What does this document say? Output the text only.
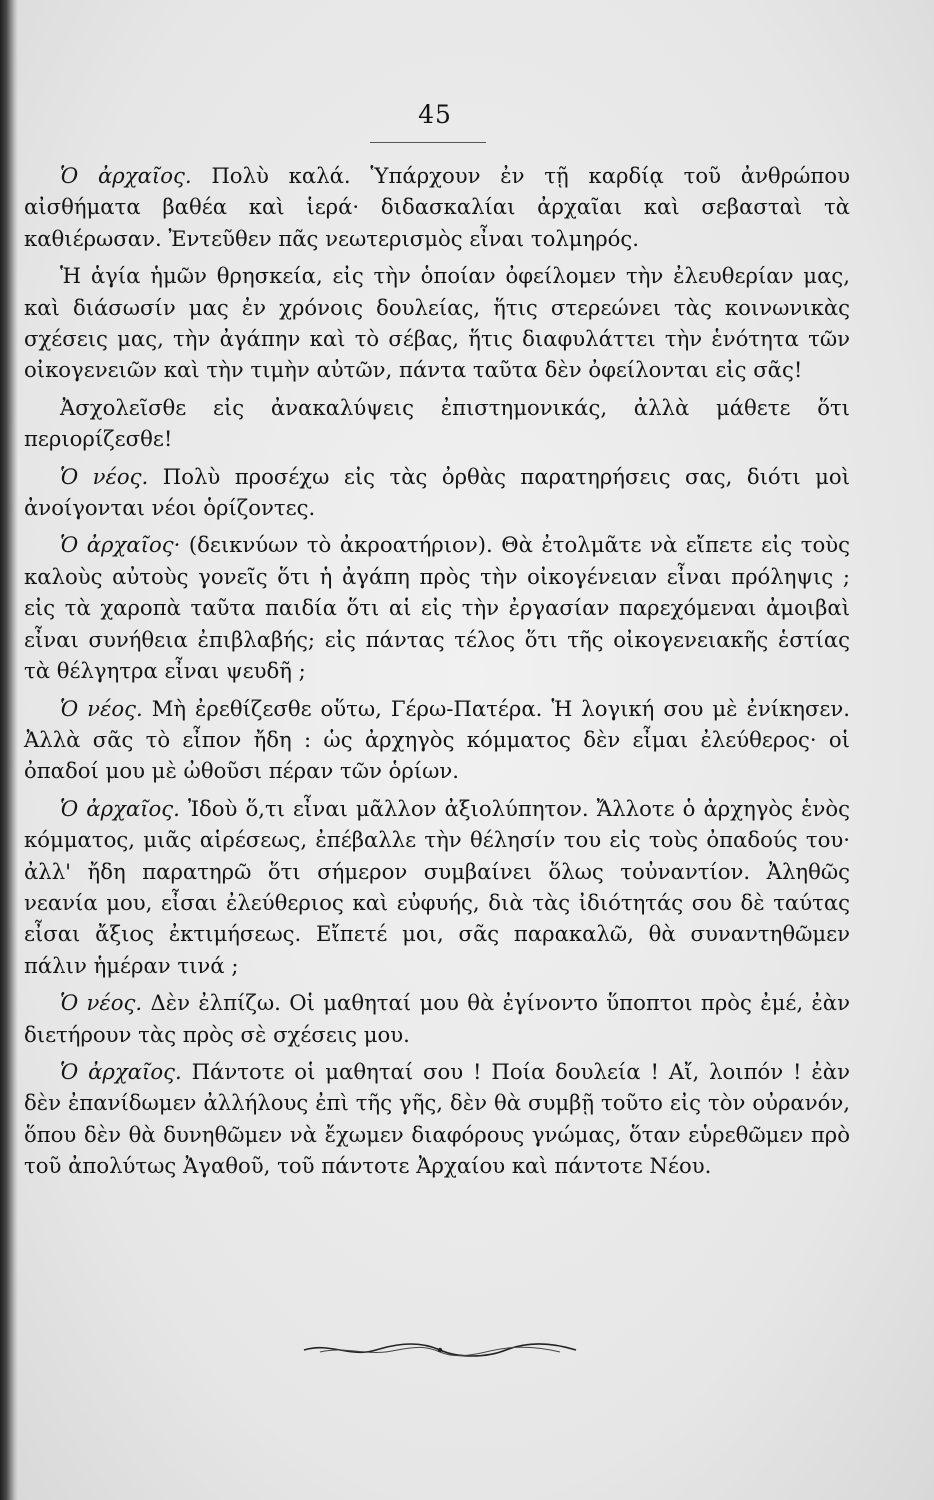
45

Ὁ ἀρχαῖος. Πολὺ καλά. Ὑπάρχουν ἐν τῇ καρδίᾳ τοῦ ἀνθρώπου αἰσθήματα βαθέα καὶ ἱερά· διδασκαλίαι ἀρχαῖαι καὶ σεβασταὶ τὰ καθιέρωσαν. Ἐντεῦθεν πᾶς νεωτερισμὸς εἶναι τολμηρός.

Ἡ ἁγία ἡμῶν θρησκεία, εἰς τὴν ὁποίαν ὀφείλομεν τὴν ἐλευθερίαν μας, καὶ διάσωσίν μας ἐν χρόνοις δουλείας, ἥτις στερεώνει τὰς κοινωνικὰς σχέσεις μας, τὴν ἀγάπην καὶ τὸ σέβας, ἥτις διαφυλάττει τὴν ἑνότητα τῶν οἰκογενειῶν καὶ τὴν τιμὴν αὐτῶν, πάντα ταῦτα δὲν ὀφείλονται εἰς σᾶς!

Ἀσχολεῖσθε εἰς ἀνακαλύψεις ἐπιστημονικάς, ἀλλὰ μάθετε ὅτι περιορίζεσθε!

Ὁ νέος. Πολὺ προσέχω εἰς τὰς ὀρθὰς παρατηρήσεις σας, διότι μοὶ ἀνοίγονται νέοι ὁρίζοντες.

Ὁ ἀρχαῖος· (δεικνύων τὸ ἀκροατήριον). Θὰ ἐτολμᾶτε νὰ εἴπετε εἰς τοὺς καλοὺς αὐτοὺς γονεῖς ὅτι ἡ ἀγάπη πρὸς τὴν οἰκογένειαν εἶναι πρόληψις ; εἰς τὰ χαροπὰ ταῦτα παιδία ὅτι αἱ εἰς τὴν ἐργασίαν παρεχόμεναι ἀμοιβαὶ εἶναι συνήθεια ἐπιβλαβής; εἰς πάντας τέλος ὅτι τῆς οἰκογενειακῆς ἑστίας τὰ θέλγητρα εἶναι ψευδῆ ;

Ὁ νέος. Μὴ ἐρεθίζεσθε οὕτω, Γέρω-Πατέρα. Ἡ λογική σου μὲ ἐνίκησεν. Ἀλλὰ σᾶς τὸ εἶπον ἤδη : ὡς ἀρχηγὸς κόμματος δὲν εἶμαι ἐλεύθερος· οἱ ὀπαδοί μου μὲ ὠθοῦσι πέραν τῶν ὁρίων.

Ὁ ἀρχαῖος. Ἰδοὺ ὅ,τι εἶναι μᾶλλον ἀξιολύπητον. Ἄλλοτε ὁ ἀρχηγὸς ἑνὸς κόμματος, μιᾶς αἱρέσεως, ἐπέβαλλε τὴν θέλησίν του εἰς τοὺς ὀπαδούς του· ἀλλ' ἤδη παρατηρῶ ὅτι σήμερον συμβαίνει ὅλως τοὐναντίον. Ἀληθῶς νεανία μου, εἶσαι ἐλεύθεριος καὶ εὐφυής, διὰ τὰς ἰδιότητάς σου δὲ ταύτας εἶσαι ἄξιος ἐκτιμήσεως. Εἴπετέ μοι, σᾶς παρακαλῶ, θὰ συναντηθῶμεν πάλιν ἡμέραν τινά ;

Ὁ νέος. Δὲν ἐλπίζω. Οἱ μαθηταί μου θὰ ἐγίνοντο ὕποπτοι πρὸς ἐμέ, ἐὰν διετήρουν τὰς πρὸς σὲ σχέσεις μου.

Ὁ ἀρχαῖος. Πάντοτε οἱ μαθηταί σου ! Ποία δουλεία ! Αἴ, λοιπόν ! ἐὰν δὲν ἐπανίδωμεν ἀλλήλους ἐπὶ τῆς γῆς, δὲν θὰ συμβῇ τοῦτο εἰς τὸν οὐρανόν, ὅπου δὲν θὰ δυνηθῶμεν νὰ ἔχωμεν διαφόρους γνώμας, ὅταν εὑρεθῶμεν πρὸ τοῦ ἀπολύτως Ἀγαθοῦ, τοῦ πάντοτε Ἀρχαίου καὶ πάντοτε Νέου.
